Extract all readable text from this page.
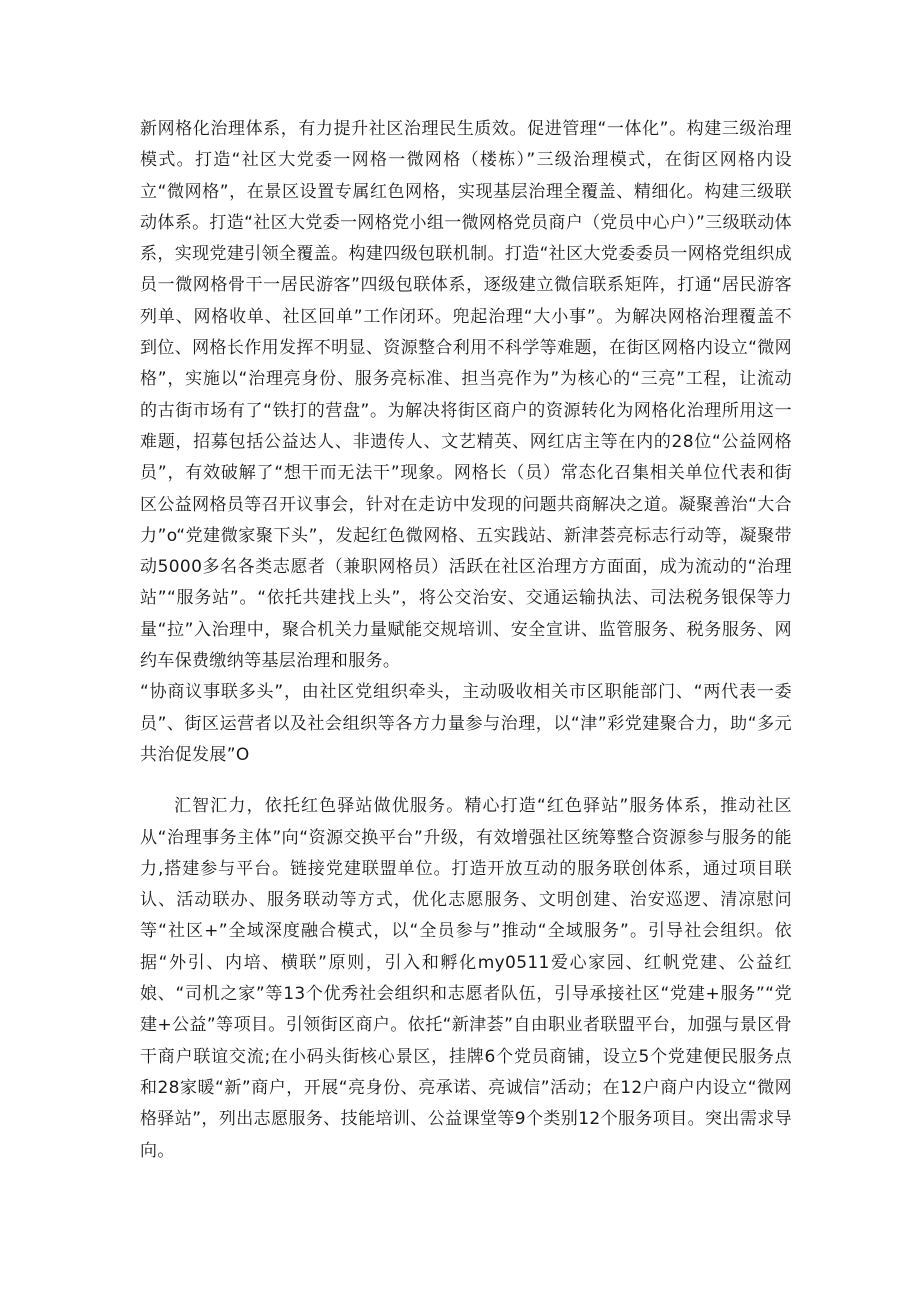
新网格化治理体系，有力提升社区治理民生质效。促进管理“一体化”。构建三级治理模式。打造“社区大党委一网格一微网格（楼栋）”三级治理模式，在街区网格内设立“微网格”，在景区设置专属红色网格，实现基层治理全覆盖、精细化。构建三级联动体系。打造“社区大党委一网格党小组一微网格党员商户（党员中心户）”三级联动体系，实现党建引领全覆盖。构建四级包联机制。打造“社区大党委委员一网格党组织成员一微网格骨干一居民游客”四级包联体系，逐级建立微信联系矩阵，打通“居民游客列单、网格收单、社区回单”工作闭环。兜起治理“大小事”。为解决网格治理覆盖不到位、网格长作用发挥不明显、资源整合利用不科学等难题，在街区网格内设立“微网格”，实施以“治理亮身份、服务亮标准、担当亮作为”为核心的“三亮”工程，让流动的古街市场有了“铁打的营盘”。为解决将街区商户的资源转化为网格化治理所用这一难题，招募包括公益达人、非遗传人、文艺精英、网红店主等在内的28位“公益网格员”，有效破解了“想干而无法干”现象。网格长（员）常态化召集相关单位代表和街区公益网格员等召开议事会，针对在走访中发现的问题共商解决之道。凝聚善治“大合力”o“党建微家聚下头”，发起红色微网格、五实践站、新津荟亮标志行动等，凝聚带动5000多名各类志愿者（兼职网格员）活跃在社区治理方方面面，成为流动的“治理站”“服务站”。“依托共建找上头”，将公交治安、交通运输执法、司法税务银保等力量“拉”入治理中，聚合机关力量赋能交规培训、安全宣讲、监管服务、税务服务、网约车保费缴纳等基层治理和服务。

“协商议事联多头”，由社区党组织牵头，主动吸收相关市区职能部门、“两代表一委员”、街区运营者以及社会组织等各方力量参与治理，以“津”彩党建聚合力，助“多元共治促发展”O

汇智汇力，依托红色驿站做优服务。精心打造“红色驿站”服务体系，推动社区从“治理事务主体”向“资源交换平台”升级，有效增强社区统筹整合资源参与服务的能力,搭建参与平台。链接党建联盟单位。打造开放互动的服务联创体系，通过项目联认、活动联办、服务联动等方式，优化志愿服务、文明创建、治安巡逻、清凉慰问等“社区+”全域深度融合模式，以“全员参与”推动“全域服务”。引导社会组织。依据“外引、内培、横联”原则，引入和孵化my0511爱心家园、红帆党建、公益红娘、“司机之家”等13个优秀社会组织和志愿者队伍，引导承接社区“党建+服务”“党建+公益”等项目。引领街区商户。依托“新津荟”自由职业者联盟平台，加强与景区骨干商户联谊交流;在小码头街核心景区，挂牌6个党员商铺，设立5个党建便民服务点和28家暖“新”商户，开展“亮身份、亮承诺、亮诚信”活动；在12户商户内设立“微网格驿站”，列出志愿服务、技能培训、公益课堂等9个类别12个服务项目。突出需求导向。
